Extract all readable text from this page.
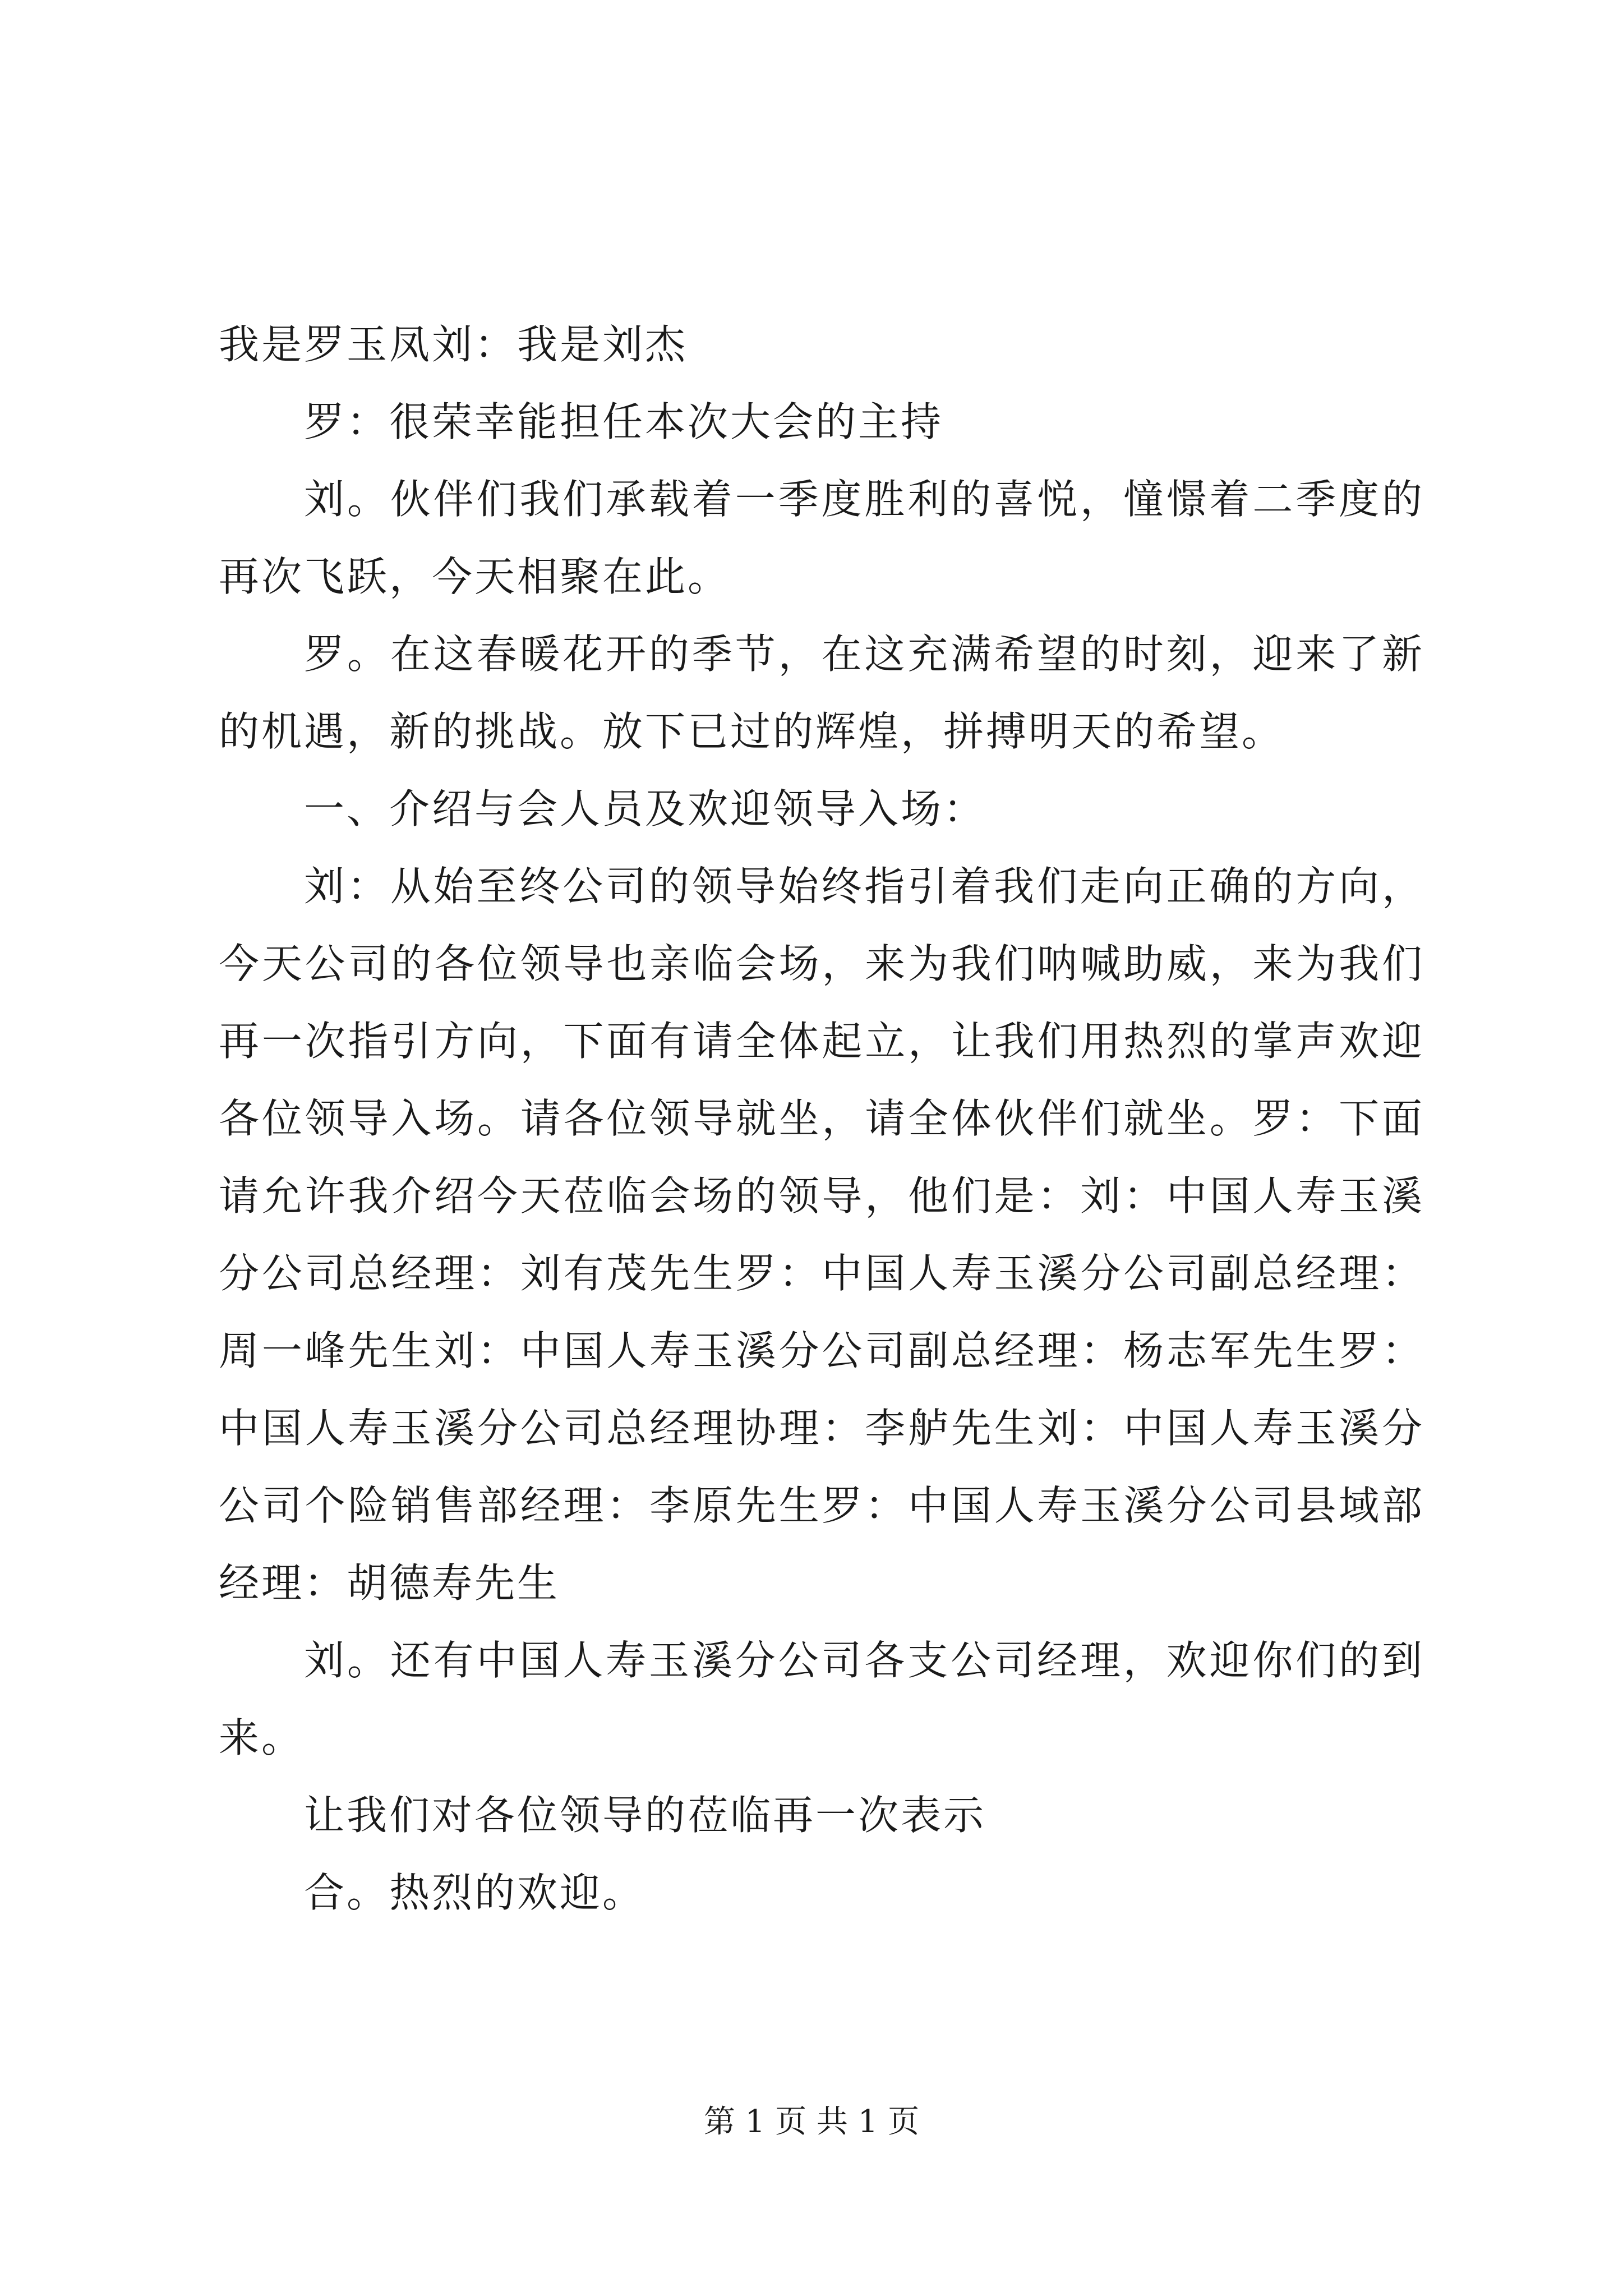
我是罗玉凤刘：我是刘杰

罗：很荣幸能担任本次大会的主持

刘。伙伴们我们承载着一季度胜利的喜悦，憧憬着二季度的再次飞跃，今天相聚在此。

罗。在这春暖花开的季节，在这充满希望的时刻，迎来了新的机遇，新的挑战。放下已过的辉煌，拼搏明天的希望。

一、介绍与会人员及欢迎领导入场：

刘：从始至终公司的领导始终指引着我们走向正确的方向，今天公司的各位领导也亲临会场，来为我们呐喊助威，来为我们再一次指引方向，下面有请全体起立，让我们用热烈的掌声欢迎各位领导入场。请各位领导就坐，请全体伙伴们就坐。罗：下面请允许我介绍今天莅临会场的领导，他们是：刘：中国人寿玉溪分公司总经理：刘有茂先生罗：中国人寿玉溪分公司副总经理：周一峰先生刘：中国人寿玉溪分公司副总经理：杨志军先生罗：中国人寿玉溪分公司总经理协理：李舻先生刘：中国人寿玉溪分公司个险销售部经理：李原先生罗：中国人寿玉溪分公司县域部经理：胡德寿先生

刘。还有中国人寿玉溪分公司各支公司经理，欢迎你们的到来。

让我们对各位领导的莅临再一次表示

合。热烈的欢迎。

第 1 页 共 1 页
